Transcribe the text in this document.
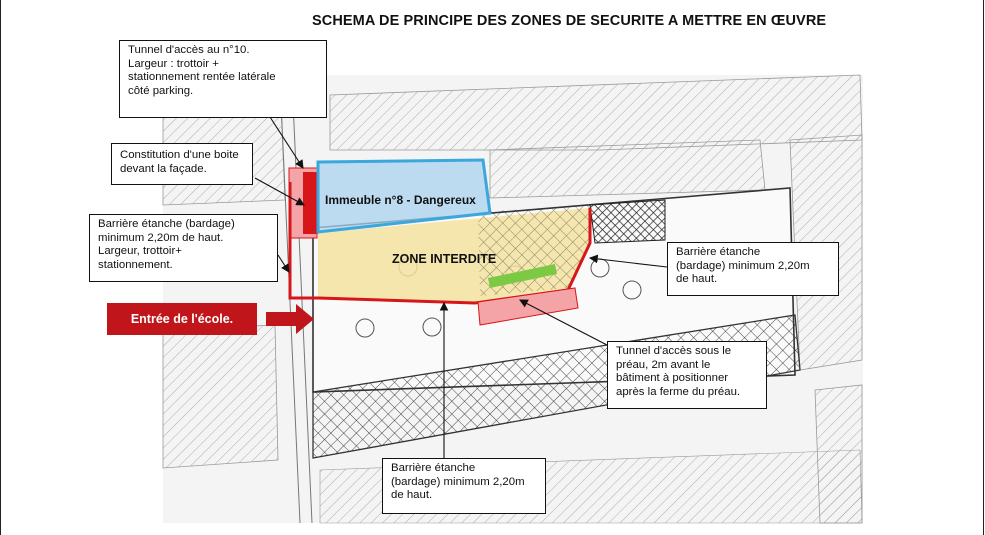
SCHEMA DE PRINCIPE DES ZONES DE SECURITE A METTRE EN ŒUVRE
Immeuble n°8 - Dangereux
ZONE INTERDITE
Entrée de l'école.
Tunnel d'accès au n°10.
Largeur : trottoir +
stationnement rentée latérale
côté parking.
Constitution d'une boite
devant la façade.
Barrière étanche (bardage)
minimum 2,20m de haut.
Largeur, trottoir+
stationnement.
Barrière étanche
(bardage) minimum 2,20m
de haut.
Tunnel d'accès sous le
préau, 2m avant le
bâtiment à positionner
après la ferme du préau.
Barrière étanche
(bardage) minimum 2,20m
de haut.
